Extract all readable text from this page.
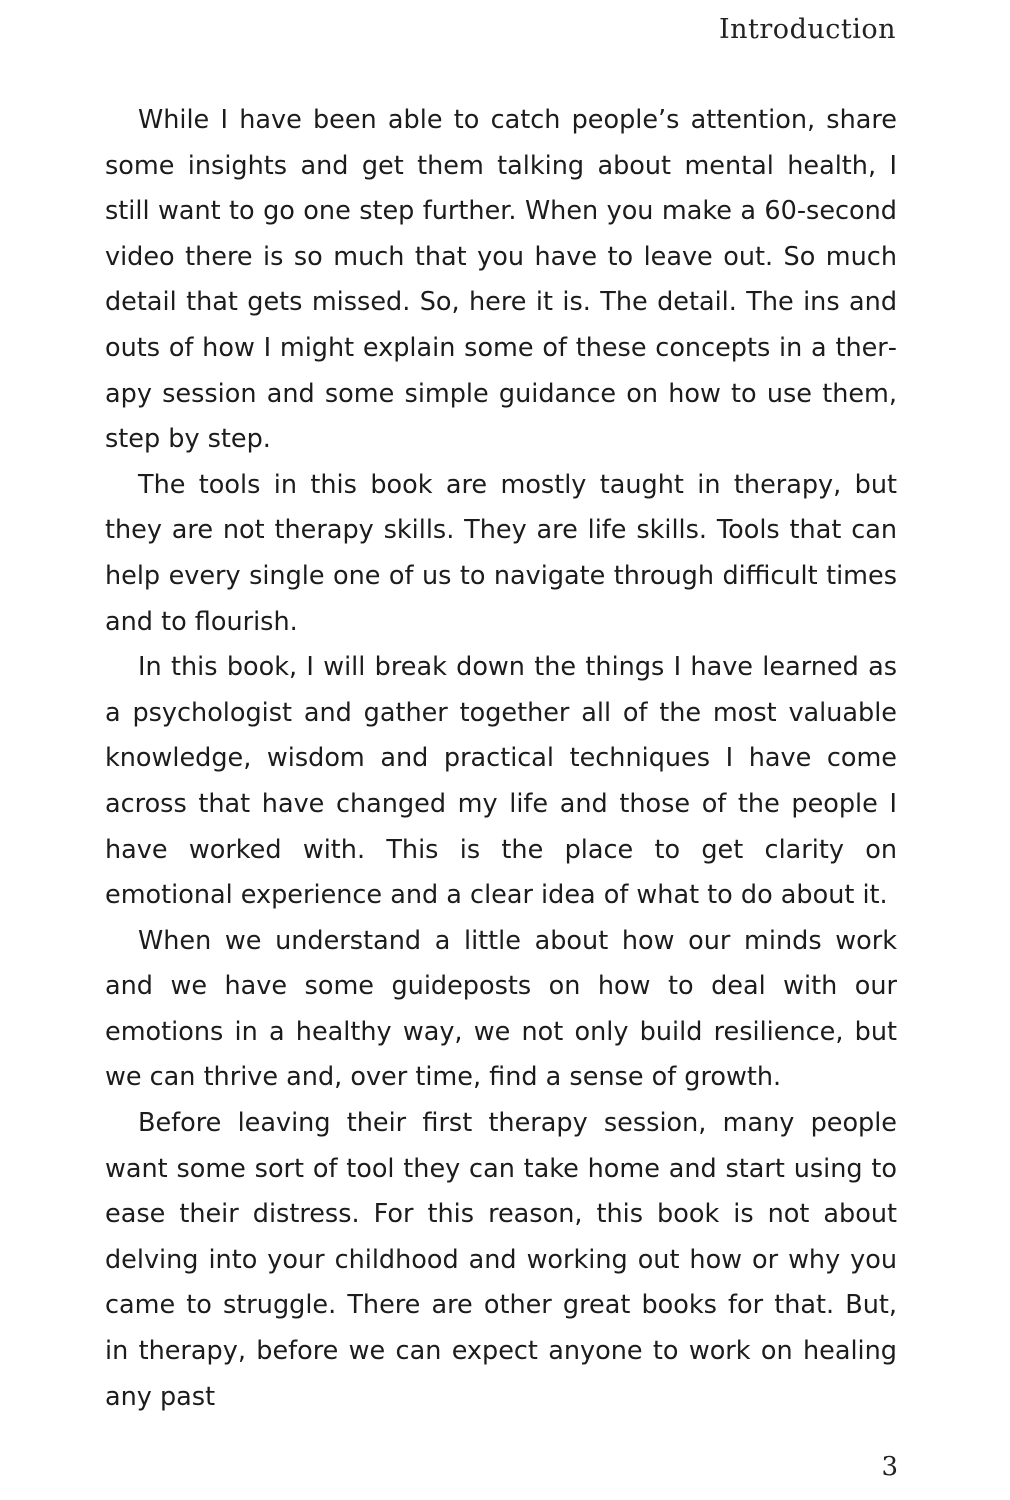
Introduction

While I have been able to catch people’s attention, share some insights and get them talking about mental health, I still want to go one step further. When you make a 60-second video there is so much that you have to leave out. So much detail that gets missed. So, here it is. The detail. The ins and outs of how I might explain some of these concepts in a therapy session and some simple guidance on how to use them, step by step.

The tools in this book are mostly taught in therapy, but they are not therapy skills. They are life skills. Tools that can help every single one of us to navigate through difficult times and to flourish.

In this book, I will break down the things I have learned as a psychologist and gather together all of the most valuable knowledge, wisdom and practical techniques I have come across that have changed my life and those of the people I have worked with. This is the place to get clarity on emotional experience and a clear idea of what to do about it.

When we understand a little about how our minds work and we have some guideposts on how to deal with our emotions in a healthy way, we not only build resilience, but we can thrive and, over time, find a sense of growth.

Before leaving their first therapy session, many people want some sort of tool they can take home and start using to ease their distress. For this reason, this book is not about delving into your childhood and working out how or why you came to struggle. There are other great books for that. But, in therapy, before we can expect anyone to work on healing any past

3
